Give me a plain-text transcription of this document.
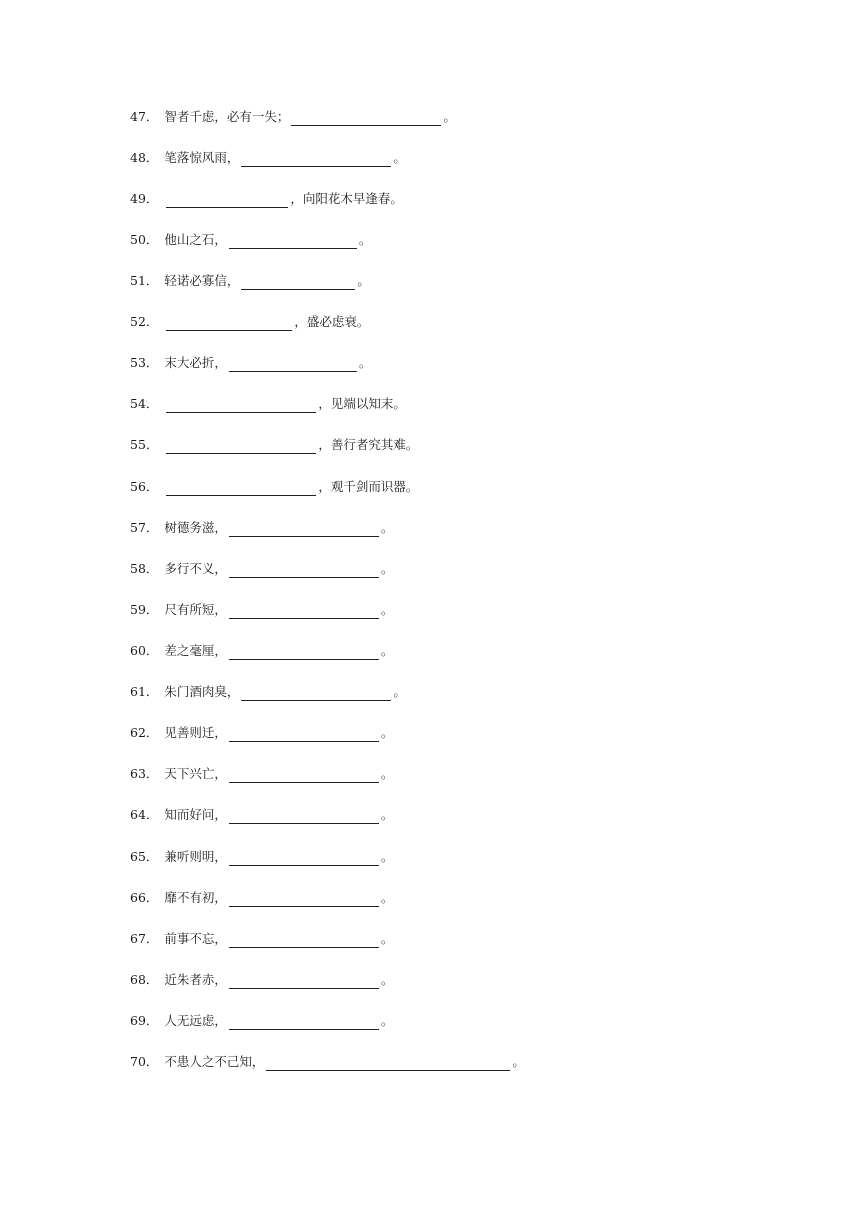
47． 智者千虑，必有一失；	。
48． 笔落惊风雨，	。
49．	，向阳花木早逢春。
50． 他山之石，	。
51． 轻诺必寡信，	。
52．	，盛必虑衰。
53． 末大必折，	。
54．	，见端以知末。
55．	，善行者究其难。
56．	，观千剑而识器。
57． 树德务滋，	。
58． 多行不义，	。
59． 尺有所短，	。
60． 差之毫厘，	。
61． 朱门酒肉臭，	。
62． 见善则迁，	。
63． 天下兴亡，	。
64． 知而好问，	。
65． 兼听则明，	。
66． 靡不有初，	。
67． 前事不忘，	。
68． 近朱者赤，	。
69． 人无远虑，	。
70． 不患人之不己知，	。
